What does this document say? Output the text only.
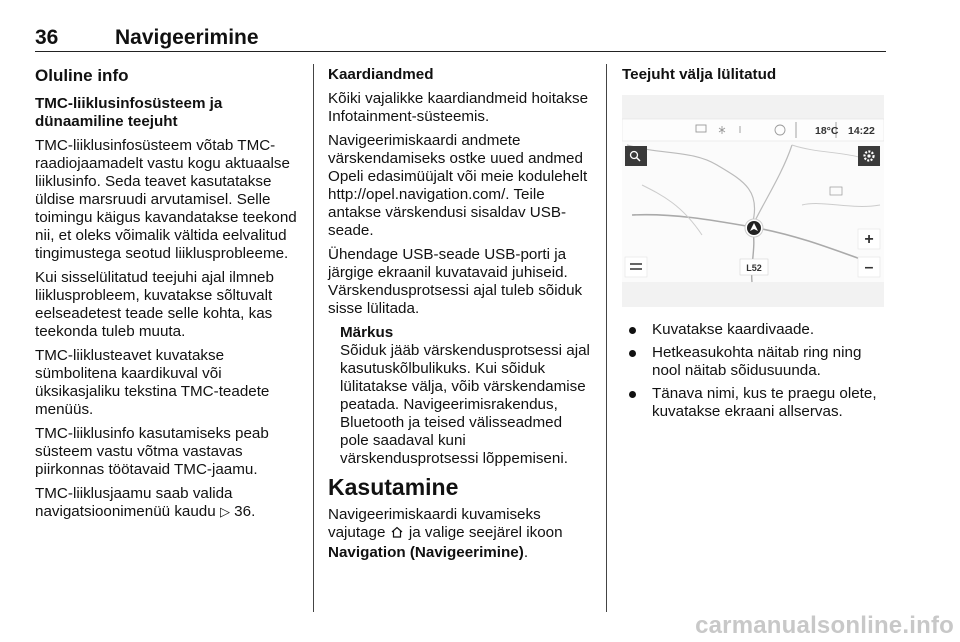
36	Navigeerimine
Oluline info

TMC-liiklusinfosüsteem ja dünaamiline teejuht

TMC-liiklusinfosüsteem võtab TMC-raadiojaamadelt vastu kogu aktuaalse liiklusinfo. Seda teavet kasutatakse üldise marsruudi arvutamisel. Selle toimingu käigus kavandatakse teekond nii, et oleks võimalik vältida eelvalitud tingimustega seotud liiklusprobleeme.

Kui sisselülitatud teejuhi ajal ilmneb liiklusprobleem, kuvatakse sõltuvalt eelseadetest teade selle kohta, kas teekonda tuleb muuta.

TMC-liiklusteavet kuvatakse sümbolitena kaardikuval või üksikasjaliku tekstina TMC-teadete menüüs.

TMC-liiklusinfo kasutamiseks peab süsteem vastu võtma vastavas piirkonnas töötavaid TMC-jaamu.

TMC-liiklusjaamu saab valida navigatsioonimenüü kaudu ▷ 36.

Kaardiandmed

Kõiki vajalikke kaardiandmeid hoitakse Infotainment-süsteemis.

Navigeerimiskaardi andmete värskendamiseks ostke uued andmed Opeli edasimüüjalt või meie kodulehelt http://opel.navigation.com/. Teile antakse värskendusi sisaldav USB-seade.

Ühendage USB-seade USB-porti ja järgige ekraanil kuvatavaid juhiseid. Värskendusprotsessi ajal tuleb sõiduk sisse lülitada.

Märkus

Sõiduk jääb värskendusprotsessi ajal kasutuskõlbulikuks. Kui sõiduk lülitatakse välja, võib värskendamise peatada. Navigeerimisrakendus, Bluetooth ja teised välisseadmed pole saadaval kuni värskendusprotsessi lõppemiseni.

Kasutamine

Navigeerimiskaardi kuvamiseks vajutage ja valige seejärel ikoon Navigation (Navigeerimine).

Teejuht välja lülitatud

18°C 14:22
L52
+
–
Kuvatakse kaardivaade.
Hetkeasukohta näitab ring ning nool näitab sõidusuunda.
Tänava nimi, kus te praegu olete, kuvatakse ekraani allservas.
carmanualsonline.info
